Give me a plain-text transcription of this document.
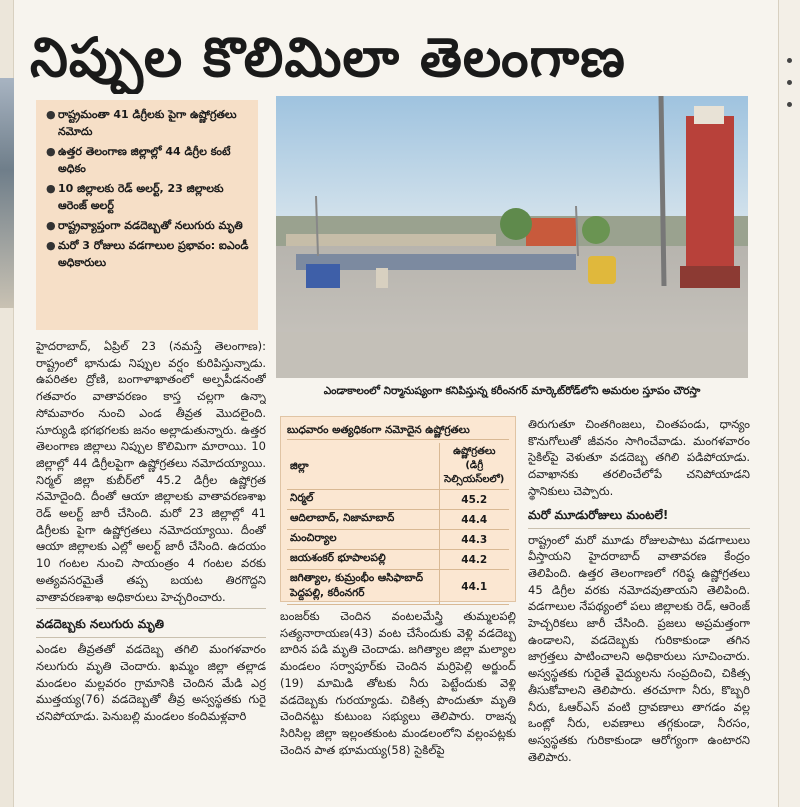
నిప్పుల కొలిమిలా తెలంగాణ
● రాష్ట్రమంతా 41 డిగ్రీలకు పైగా ఉష్ణోగ్రతలు నమోదు
● ఉత్తర తెలంగాణ జిల్లాల్లో 44 డిగ్రీల కంటే అధికం
● 10 జిల్లాలకు రెడ్ అలర్ట్, 23 జిల్లాలకు ఆరెంజ్ అలర్ట్
● రాష్ట్రవ్యాప్తంగా వడదెబ్బతో నలుగురు మృతి
● మరో 3 రోజులు వడగాలుల ప్రభావం: ఐఎండీ అధికారులు
ఎండాకాలంలో నిర్మానుష్యంగా కనిపిస్తున్న కరీంనగర్ మార్కెట్‌రోడ్‌లోని అమరుల స్తూపం చౌరస్తా

హైదరాబాద్, ఏప్రిల్ 23 (నమస్తే తెలంగాణ): రాష్ట్రంలో భానుడు నిప్పుల వర్షం కురిపిస్తున్నాడు. ఉపరితల ద్రోణి, బంగాళాఖాతంలో అల్పపీడనంతో గతవారం వాతావరణం కాస్త చల్లగా ఉన్నా సోమవారం నుంచి ఎండ తీవ్రత మొదలైంది. సూర్యుడి భగభగలకు జనం అల్లాడుతున్నారు. ఉత్తర తెలంగాణ జిల్లాలు నిప్పుల కొలిమిగా మారాయి. 10 జిల్లాల్లో 44 డిగ్రీలపైగా ఉష్ణోగ్రతలు నమోదయ్యాయి. నిర్మల్ జిల్లా కుబీర్‌లో 45.2 డిగ్రీల ఉష్ణోగ్రత నమోదైంది. దీంతో ఆయా జిల్లాలకు వాతావరణశాఖ రెడ్ అలర్ట్ జారీ చేసింది. మరో 23 జిల్లాల్లో 41 డిగ్రీలకు పైగా ఉష్ణోగ్రతలు నమోదయ్యాయి. దీంతో ఆయా జిల్లాలకు ఎల్లో అలర్ట్ జారీ చేసింది. ఉదయం 10 గంటల నుంచి సాయంత్రం 4 గంటల వరకు అత్యవసరమైతే తప్ప బయట తిరగొద్దని వాతావరణశాఖ అధికారులు హెచ్చరించారు.

వడదెబ్బకు నలుగురు మృతి

ఎండల తీవ్రతతో వడదెబ్బ తగిలి మంగళవారం నలుగురు మృతి చెందారు. ఖమ్మం జిల్లా తల్లాడ మండలం మల్లవరం గ్రామానికి చెందిన మేడి ఎర్ర ముత్తయ్య(76) వడదెబ్బతో తీవ్ర అస్వస్థతకు గురై చనిపోయాడు. పెనుబల్లి మండలం కందిమళ్లవారి

బుధవారం అత్యధికంగా నమోదైన ఉష్ణోగ్రతలు
జిల్లా	ఉష్ణోగ్రతలు (డిగ్రీ సెల్సియస్‌లలో)
నిర్మల్	45.2
ఆదిలాబాద్, నిజామాబాద్	44.4
మంచిర్యాల	44.3
జయశంకర్ భూపాలపల్లి	44.2
జగిత్యాల, కుమ్రంభీం ఆసిఫాబాద్ పెద్దపల్లి, కరీంనగర్	44.1

బంజర్‌కు చెందిన వంటలమేస్త్రి తుమ్మలపల్లి సత్యనారాయణ(43) వంట చేసేందుకు వెళ్లి వడదెబ్బ బారిన పడి మృతి చెందాడు. జగిత్యాల జిల్లా మల్యాల మండలం సర్వాపూర్‌కు చెందిన మర్రిపెల్లి అర్జుంద్ (19) మామిడి తోటకు నీరు పెట్టేందుకు వెళ్లి వడదెబ్బకు గురయ్యాడు. చికిత్స పొందుతూ మృతి చెందినట్టు కుటుంబ సభ్యులు తెలిపారు. రాజన్న సిరిసిల్ల జిల్లా ఇల్లంతకుంట మండలంలోని వల్లంపట్లకు చెందిన పాత భూమయ్య(58) సైకిల్‌పై

తిరుగుతూ చింతగింజలు, చింతపండు, ధాన్యం కొనుగోలుతో జీవనం సాగించేవాడు. మంగళవారం సైకిల్‌పై వెళుతూ వడదెబ్బ తగిలి పడిపోయాడు. దవాఖానకు తరలించేలోపే చనిపోయాడని స్థానికులు చెప్పారు.

మరో మూడురోజులు మంటలే!

రాష్ట్రంలో మరో మూడు రోజులపాటు వడగాలులు వీస్తాయని హైదరాబాద్ వాతావరణ కేంద్రం తెలిపింది. ఉత్తర తెలంగాణలో గరిష్ఠ ఉష్ణోగ్రతలు 45 డిగ్రీల వరకు నమోదవుతాయని తెలిపింది. వడగాలుల నేపథ్యంలో పలు జిల్లాలకు రెడ్, ఆరెంజ్ హెచ్చరికలు జారీ చేసింది. ప్రజలు అప్రమత్తంగా ఉండాలని, వడదెబ్బకు గురికాకుండా తగిన జాగ్రత్తలు పాటించాలని అధికారులు సూచించారు. అస్వస్థతకు గురైతే వైద్యులను సంప్రదించి, చికిత్స తీసుకోవాలని తెలిపారు. తరచూగా నీరు, కొబ్బరి నీరు, ఓఆర్‌ఎస్ వంటి ద్రావణాలు తాగడం వల్ల ఒంట్లో నీరు, లవణాలు తగ్గకుండా, నీరసం, అస్వస్థతకు గురికాకుండా ఆరోగ్యంగా ఉంటారని తెలిపారు.
